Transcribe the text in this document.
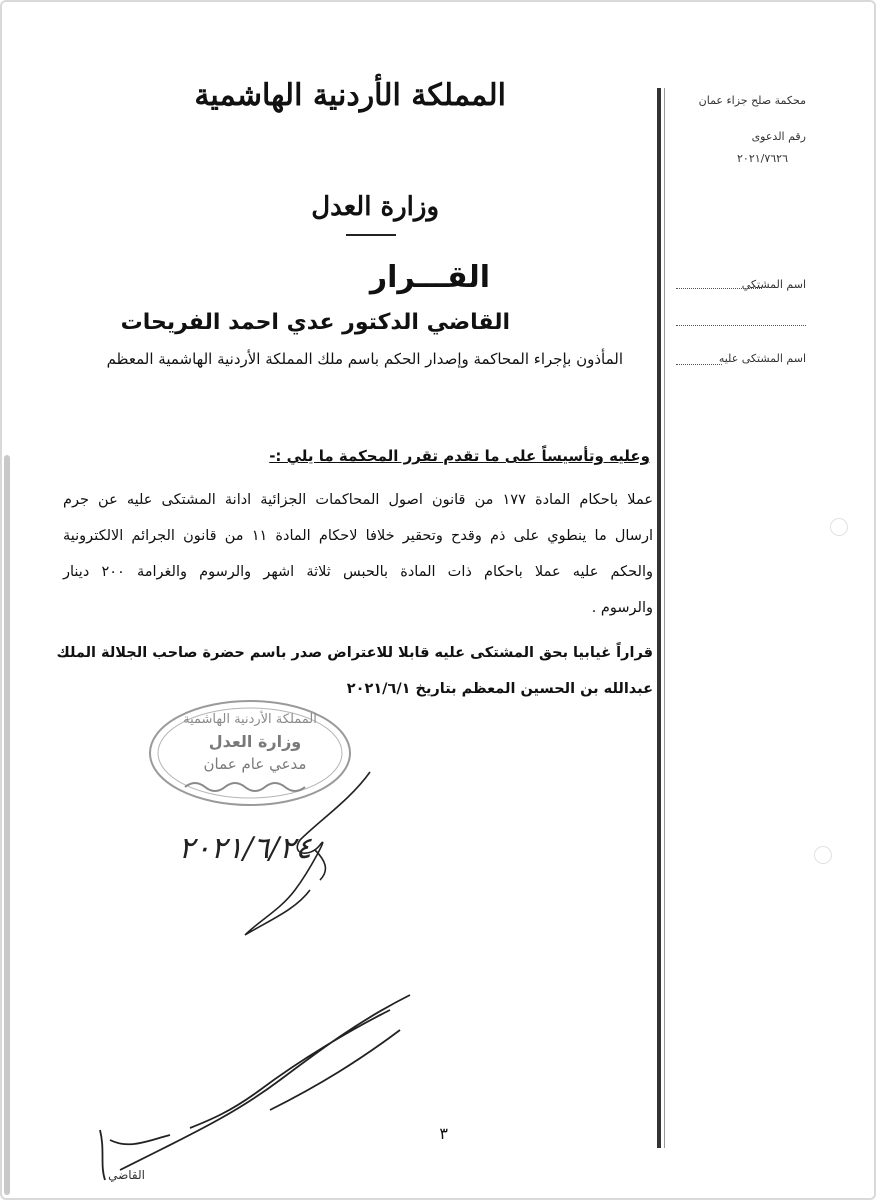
المملكة الأردنية الهاشمية
وزارة العدل
محكمة صلح جزاء عمان
رقم الدعوى
٢٠٢١/٧٦٢٦
اسم المشتكي
اسم المشتكى عليه
القـــرار
القاضي الدكتور عدي احمد الفريحات
المأذون بإجراء المحاكمة وإصدار الحكم باسم ملك المملكة الأردنية الهاشمية المعظم
وعليه وتأسيساً على ما تقدم تقرر المحكمة ما يلي :-
عملا باحكام المادة ١٧٧ من قانون اصول المحاكمات الجزائية ادانة المشتكى عليه عن جرم
ارسال ما ينطوي على ذم وقدح وتحقير خلافا لاحكام المادة ١١ من قانون الجرائم الالكترونية
والحكم عليه عملا باحكام ذات المادة بالحبس ثلاثة اشهر والرسوم والغرامة ٢٠٠ دينار
والرسوم .
قراراً غيابيا بحق المشتكى عليه قابلا للاعتراض صدر باسم حضرة صاحب الجلالة الملك
عبدالله بن الحسين المعظم بتاريخ ٢٠٢١/٦/١
المملكة الأردنية الهاشمية
وزارة العدل
مدعي عام عمان
٢٠٢١/٦/٢٤
٣
القاضي
